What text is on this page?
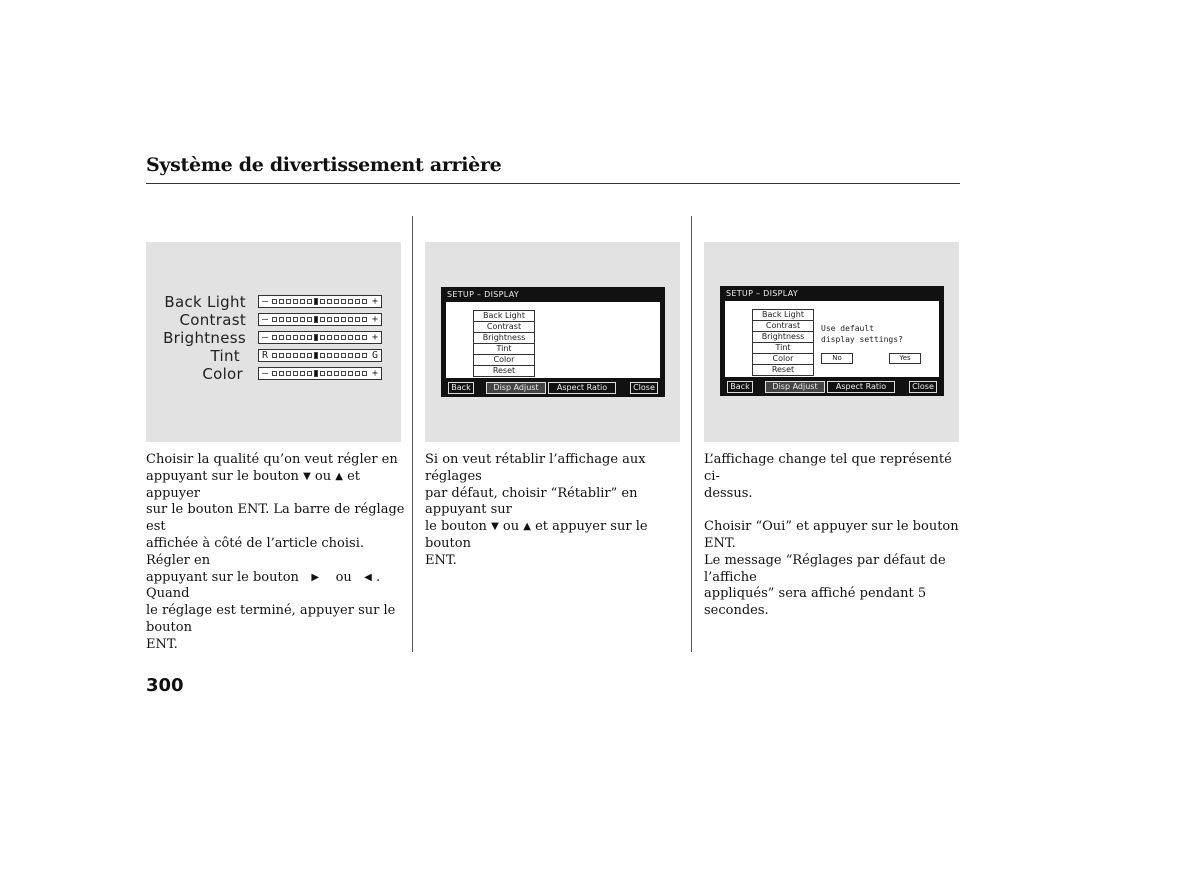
Système de divertissement arrière
Back Light —	+
Contrast —	+
Brightness —	+
Tint R	G
Color —	+
SETUP – DISPLAY
Back Light
Contrast
Brightness
Tint
Color
Reset
Back	Disp Adjust	Aspect Ratio	Close
SETUP – DISPLAY
Back Light
Contrast
Brightness
Tint
Color
Reset
Use default
display settings?
No	Yes
Back	Disp Adjust	Aspect Ratio	Close
Choisir la qualité qu’on veut régler en
appuyant sur le bouton ▼ ou ▲ et appuyer
sur le bouton ENT. La barre de réglage est
affichée à côté de l’article choisi. Régler en
appuyant sur le bouton ▶ ou ◀ . Quand
le réglage est terminé, appuyer sur le bouton
ENT.
Si on veut rétablir l’affichage aux réglages
par défaut, choisir “Rétablir” en appuyant sur
le bouton ▼ ou ▲ et appuyer sur le bouton
ENT.
L’affichage change tel que représenté ci-
dessus.
Choisir “Oui” et appuyer sur le bouton ENT.
Le message “Réglages par défaut de l’affiche
appliqués” sera affiché pendant 5 secondes.
300
